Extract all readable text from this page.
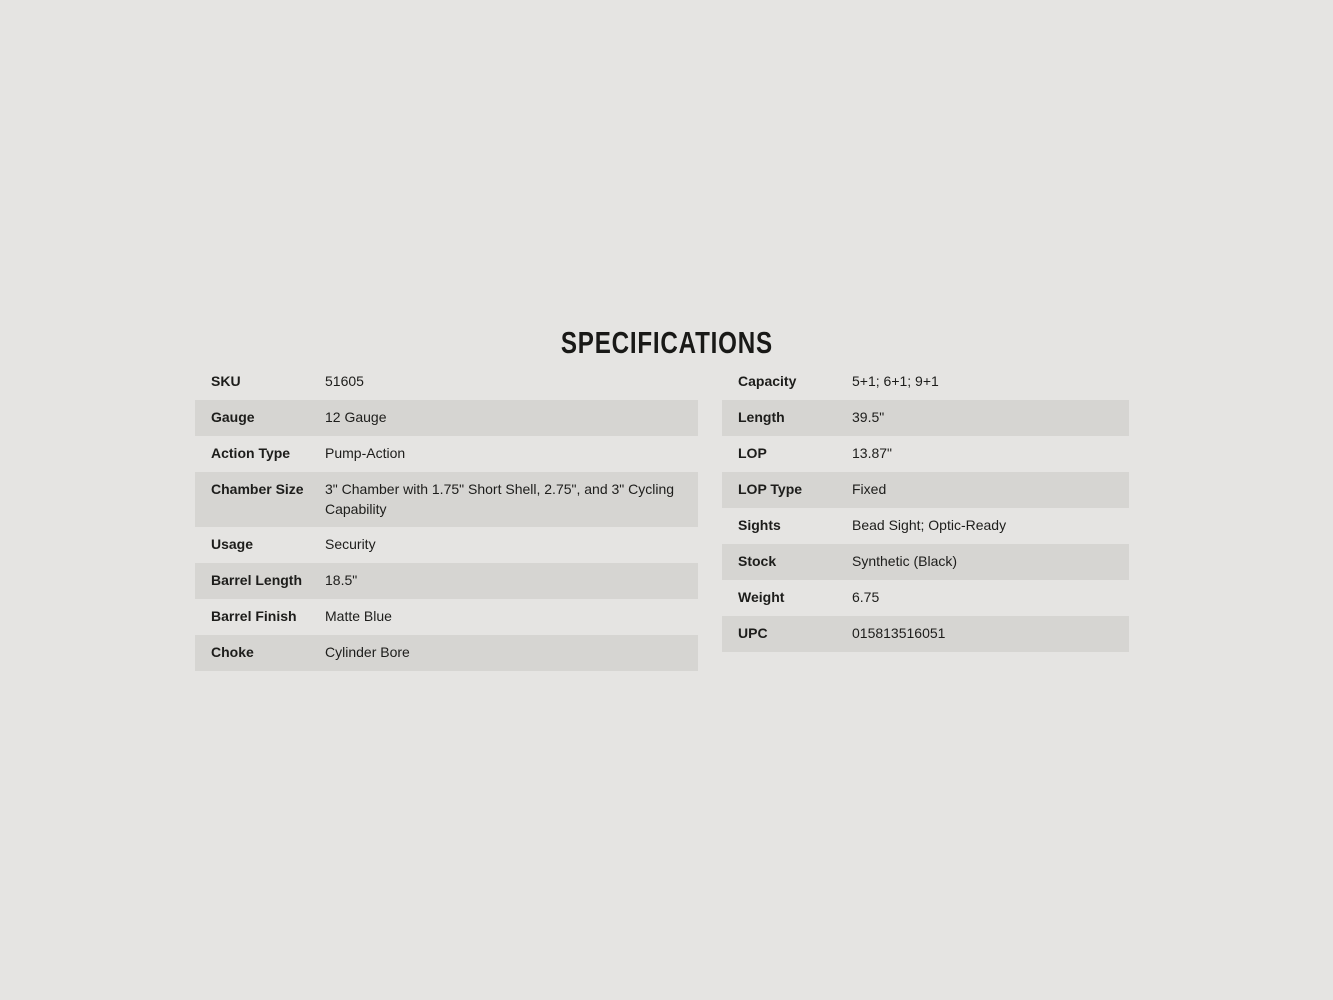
SPECIFICATIONS
SKU	51605
Gauge	12 Gauge
Action Type	Pump-Action
Chamber Size	3" Chamber with 1.75" Short Shell, 2.75", and 3" Cycling Capability
Usage	Security
Barrel Length	18.5"
Barrel Finish	Matte Blue
Choke	Cylinder Bore
Capacity	5+1; 6+1; 9+1
Length	39.5"
LOP	13.87"
LOP Type	Fixed
Sights	Bead Sight; Optic-Ready
Stock	Synthetic (Black)
Weight	6.75
UPC	015813516051
